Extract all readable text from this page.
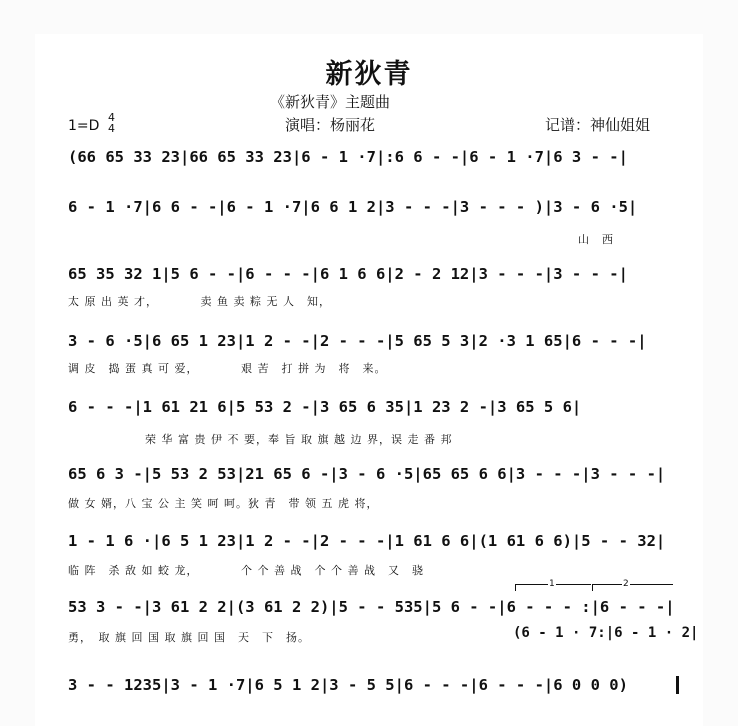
新狄青
《新狄青》主题曲
1=D
4
4	演唱：杨丽花	记谱：神仙姐姐
(66 65 33 23|66 65 33 23|6 - 1 ·7|:6 6 - -|6 - 1 ·7|6 3 - -|
6 - 1 ·7|6 6 - -|6 - 1 ·7|6 6 1 2|3 - - -|3 - - - )|3 - 6 ·5|
山　西
65 35 32 1|5 6 - -|6 - - -|6 1 6 6|2 - 2 12|3 - - -|3 - - -|
太 原 出 英 才，　　　　卖 鱼 卖 粽 无 人　知，
3 - 6 ·5|6 65 1 23|1 2 - -|2 - - -|5 65 5 3|2 ·3 1 65|6 - - -|
调 皮　捣 蛋 真 可 爱，　　　　艰 苦　打 拼 为　将　来。
6 - - -|1 61 21 6|5 53 2 -|3 65 6 35|1 23 2 -|3 65 5 6|
荣 华 富 贵 伊 不 要，奉 旨 取 旗 越 边 界，误 走 番 邦
65 6 3 -|5 53 2 53|21 65 6 -|3 - 6 ·5|65 65 6 6|3 - - -|3 - - -|
做 女 婿，八 宝 公 主 笑 呵 呵。狄 青　带 领 五 虎 将，
1 - 1 6 ·|6 5 1 23|1 2 - -|2 - - -|1 61 6 6|(1 61 6 6)|5 - - 32|
临 阵　杀 敌 如 蛟 龙，　　　　个 个 善 战　个 个 善 战　又　骁
1	2
53 3 - -|3 61 2 2|(3 61 2 2)|5 - - 535|5 6 - -|6 - - - :|6 - - -|
勇，　取 旗 回 国 取 旗 回 国　天　下　扬。	(6 - 1 · 7:|6 - 1 · 2|
3 - - 1235|3 - 1 ·7|6 5 1 2|3 - 5 5|6 - - -|6 - - -|6 0 0 0)
